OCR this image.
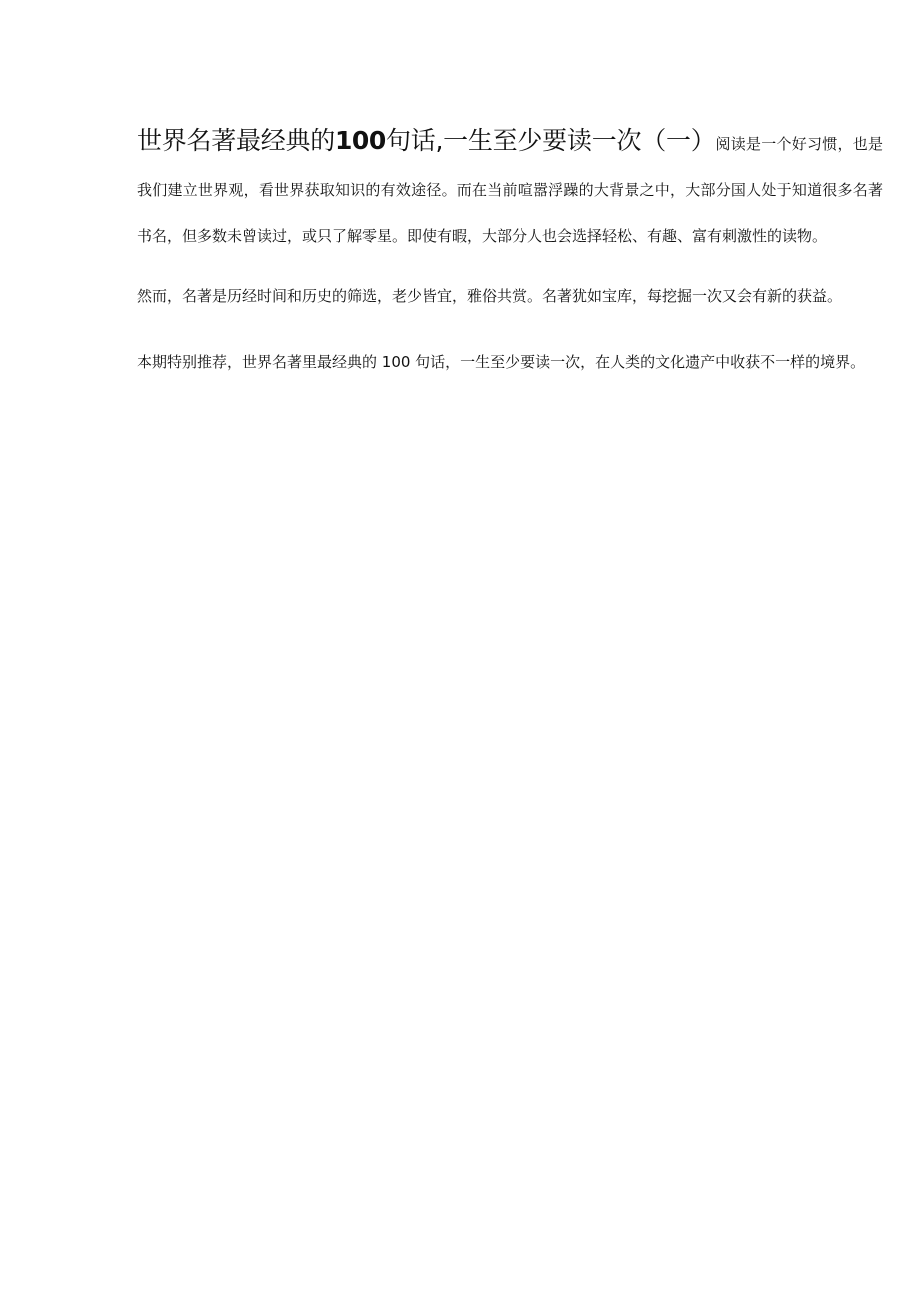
世界名著最经典的100句话,一生至少要读一次（一）阅读是一个好习惯，也是我们建立世界观，看世界获取知识的有效途径。而在当前喧嚣浮躁的大背景之中，大部分国人处于知道很多名著书名，但多数未曾读过，或只了解零星。即使有暇，大部分人也会选择轻松、有趣、富有刺激性的读物。

然而，名著是历经时间和历史的筛选，老少皆宜，雅俗共赏。名著犹如宝库，每挖掘一次又会有新的获益。

本期特别推荐，世界名著里最经典的 100 句话，一生至少要读一次，在人类的文化遗产中收获不一样的境界。
